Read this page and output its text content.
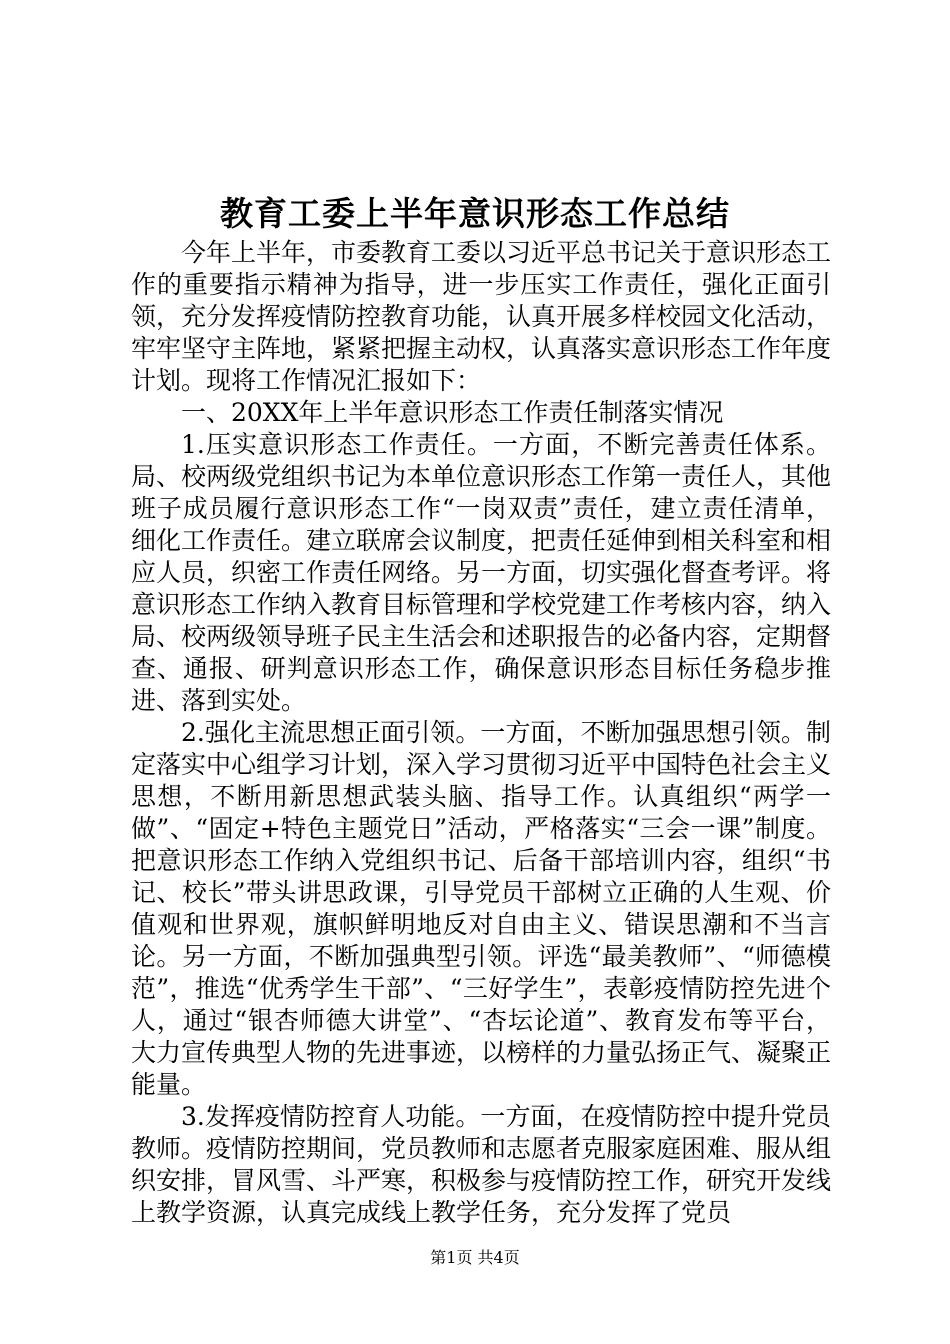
教育工委上半年意识形态工作总结

今年上半年，市委教育工委以习近平总书记关于意识形态工作的重要指示精神为指导，进一步压实工作责任，强化正面引领，充分发挥疫情防控教育功能，认真开展多样校园文化活动，牢牢坚守主阵地，紧紧把握主动权，认真落实意识形态工作年度计划。现将工作情况汇报如下：

一、20XX年上半年意识形态工作责任制落实情况

1.压实意识形态工作责任。一方面，不断完善责任体系。局、校两级党组织书记为本单位意识形态工作第一责任人，其他班子成员履行意识形态工作“一岗双责”责任，建立责任清单，细化工作责任。建立联席会议制度，把责任延伸到相关科室和相应人员，织密工作责任网络。另一方面，切实强化督查考评。将意识形态工作纳入教育目标管理和学校党建工作考核内容，纳入局、校两级领导班子民主生活会和述职报告的必备内容，定期督查、通报、研判意识形态工作，确保意识形态目标任务稳步推进、落到实处。

2.强化主流思想正面引领。一方面，不断加强思想引领。制定落实中心组学习计划，深入学习贯彻习近平中国特色社会主义思想，不断用新思想武装头脑、指导工作。认真组织“两学一做”、“固定+特色主题党日”活动，严格落实“三会一课”制度。把意识形态工作纳入党组织书记、后备干部培训内容，组织“书记、校长”带头讲思政课，引导党员干部树立正确的人生观、价值观和世界观，旗帜鲜明地反对自由主义、错误思潮和不当言论。另一方面，不断加强典型引领。评选“最美教师”、“师德模范”，推选“优秀学生干部”、“三好学生”，表彰疫情防控先进个人，通过“银杏师德大讲堂”、“杏坛论道”、教育发布等平台，大力宣传典型人物的先进事迹，以榜样的力量弘扬正气、凝聚正能量。

3.发挥疫情防控育人功能。一方面，在疫情防控中提升党员教师。疫情防控期间，党员教师和志愿者克服家庭困难、服从组织安排，冒风雪、斗严寒，积极参与疫情防控工作，研究开发线上教学资源，认真完成线上教学任务，充分发挥了党员

第1页 共4页
